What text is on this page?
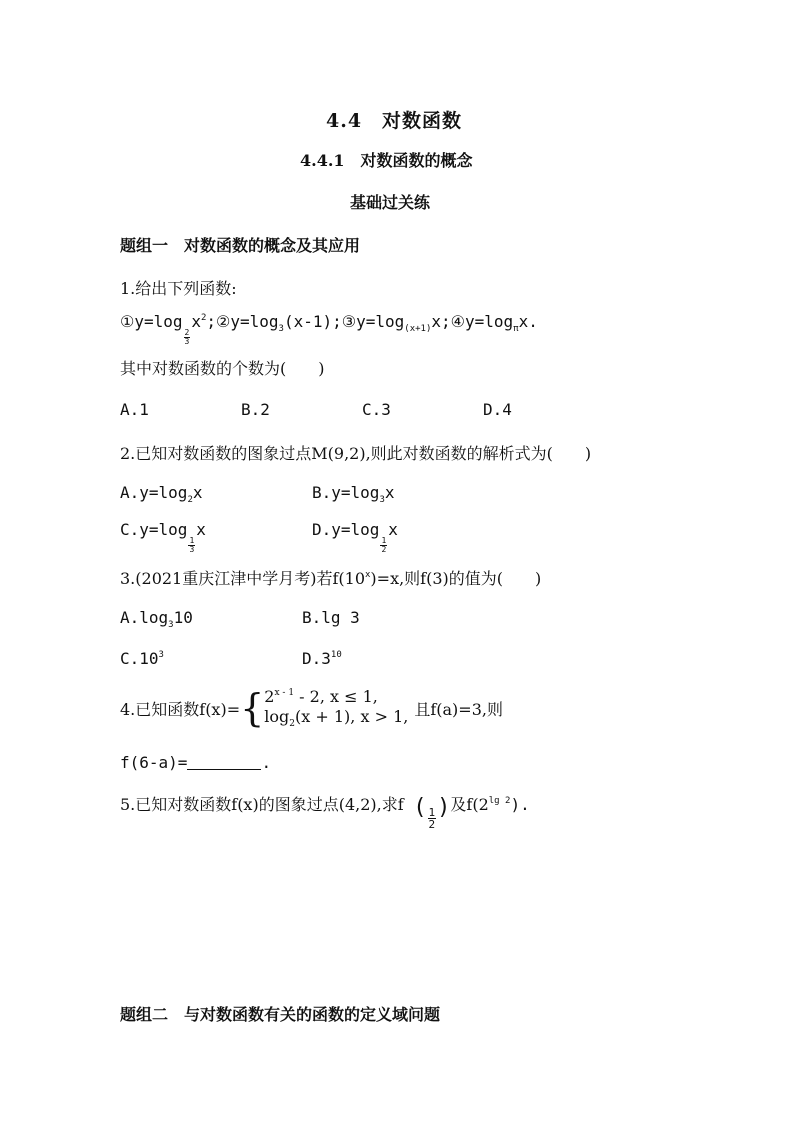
4.4　对数函数
4.4.1　对数函数的概念
基础过关练
题组一　对数函数的概念及其应用
1.给出下列函数:
①y=log
$\frac{2}{3}$
$x^2;②y=\log_3(x-1);③y=\log_{(x+1)}x;④y=\log_\pi x$.
其中对数函数的个数为(　　)
A.1	B.2	C.3	D.4
2.已知对数函数的图象过点M(9,2),则此对数函数的解析式为(　　)
$A.y=\log_2x$	$B.y=\log_3x$
C.y=log
$\frac{1}{3}$
x	D.y=log
$\frac{1}{2}$
x
3.(2021重庆江津中学月考)若$f(10^x)=x$,则f(3)的值为(　　)
$A.\log_310$	B.lg 3
$C.10^3$	$D.3^{10}$
4.已知函数f(x)= { 2$^{x - 1}$ - 2, x ≤ 1,
$\log_2(x + 1)$, x > 1, 且f(a)=3,则
f(6-a)=	.
5.已知对数函数f(x)的图象过点(4,2),求f ( $\frac{1}{2}$ )及$f(2^{lg 2})$.
题组二　与对数函数有关的函数的定义域问题
